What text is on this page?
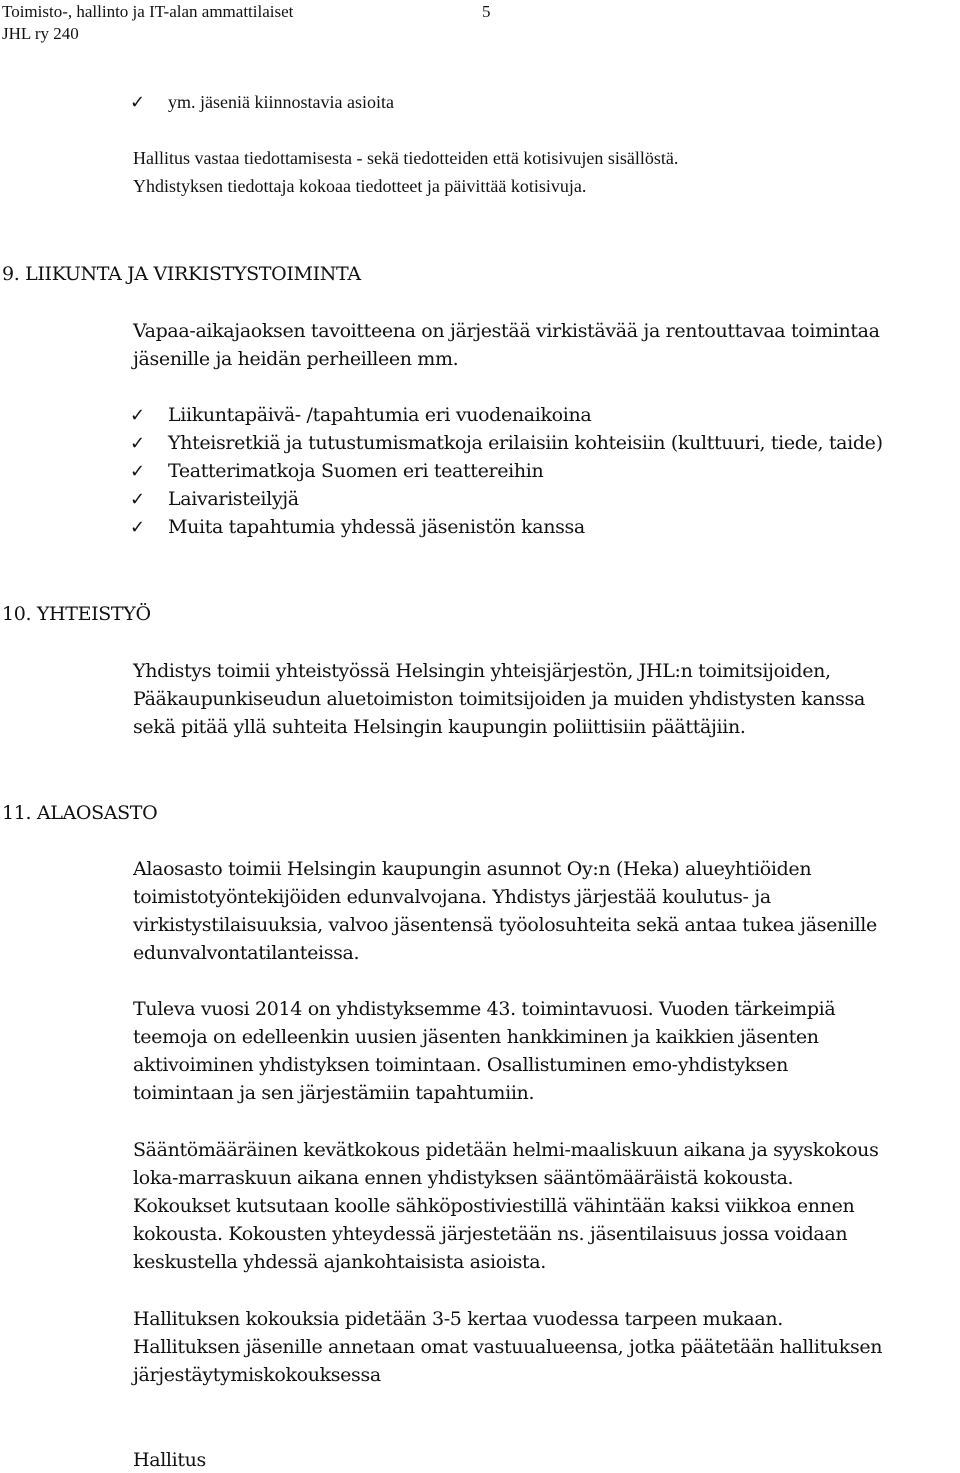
Toimisto-, hallinto ja IT-alan ammattilaiset	5
JHL ry 240
✓ ym. jäseniä kiinnostavia asioita
Hallitus vastaa tiedottamisesta - sekä tiedotteiden että kotisivujen sisällöstä.
Yhdistyksen tiedottaja kokoaa tiedotteet ja päivittää kotisivuja.
9. LIIKUNTA JA VIRKISTYSTOIMINTA
Vapaa-aikajaoksen tavoitteena on järjestää virkistävää ja rentouttavaa toimintaa
jäsenille ja heidän perheilleen mm.
✓ Liikuntapäivä- /tapahtumia eri vuodenaikoina
✓ Yhteisretkiä ja tutustumismatkoja erilaisiin kohteisiin (kulttuuri, tiede, taide)
✓ Teatterimatkoja Suomen eri teattereihin
✓ Laivaristeilyjä
✓ Muita tapahtumia yhdessä jäsenistön kanssa
10. YHTEISTYÖ
Yhdistys toimii yhteistyössä Helsingin yhteisjärjestön, JHL:n toimitsijoiden,
Pääkaupunkiseudun aluetoimiston toimitsijoiden ja muiden yhdistysten kanssa
sekä pitää yllä suhteita Helsingin kaupungin poliittisiin päättäjiin.
11. ALAOSASTO
Alaosasto toimii Helsingin kaupungin asunnot Oy:n (Heka) alueyhtiöiden
toimistotyöntekijöiden edunvalvojana. Yhdistys järjestää koulutus- ja
virkistystilaisuuksia, valvoo jäsentensä työolosuhteita sekä antaa tukea jäsenille
edunvalvontatilanteissa.
Tuleva vuosi 2014 on yhdistyksemme 43. toimintavuosi. Vuoden tärkeimpiä
teemoja on edelleenkin uusien jäsenten hankkiminen ja kaikkien jäsenten
aktivoiminen yhdistyksen toimintaan. Osallistuminen emo-yhdistyksen
toimintaan ja sen järjestämiin tapahtumiin.
Sääntömääräinen kevätkokous pidetään helmi-maaliskuun aikana ja syyskokous
loka-marraskuun aikana ennen yhdistyksen sääntömääräistä kokousta.
Kokoukset kutsutaan koolle sähköpostiviestillä vähintään kaksi viikkoa ennen
kokousta. Kokousten yhteydessä järjestetään ns. jäsentilaisuus jossa voidaan
keskustella yhdessä ajankohtaisista asioista.
Hallituksen kokouksia pidetään 3-5 kertaa vuodessa tarpeen mukaan.
Hallituksen jäsenille annetaan omat vastuualueensa, jotka päätetään hallituksen
järjestäytymiskokouksessa
Hallitus
